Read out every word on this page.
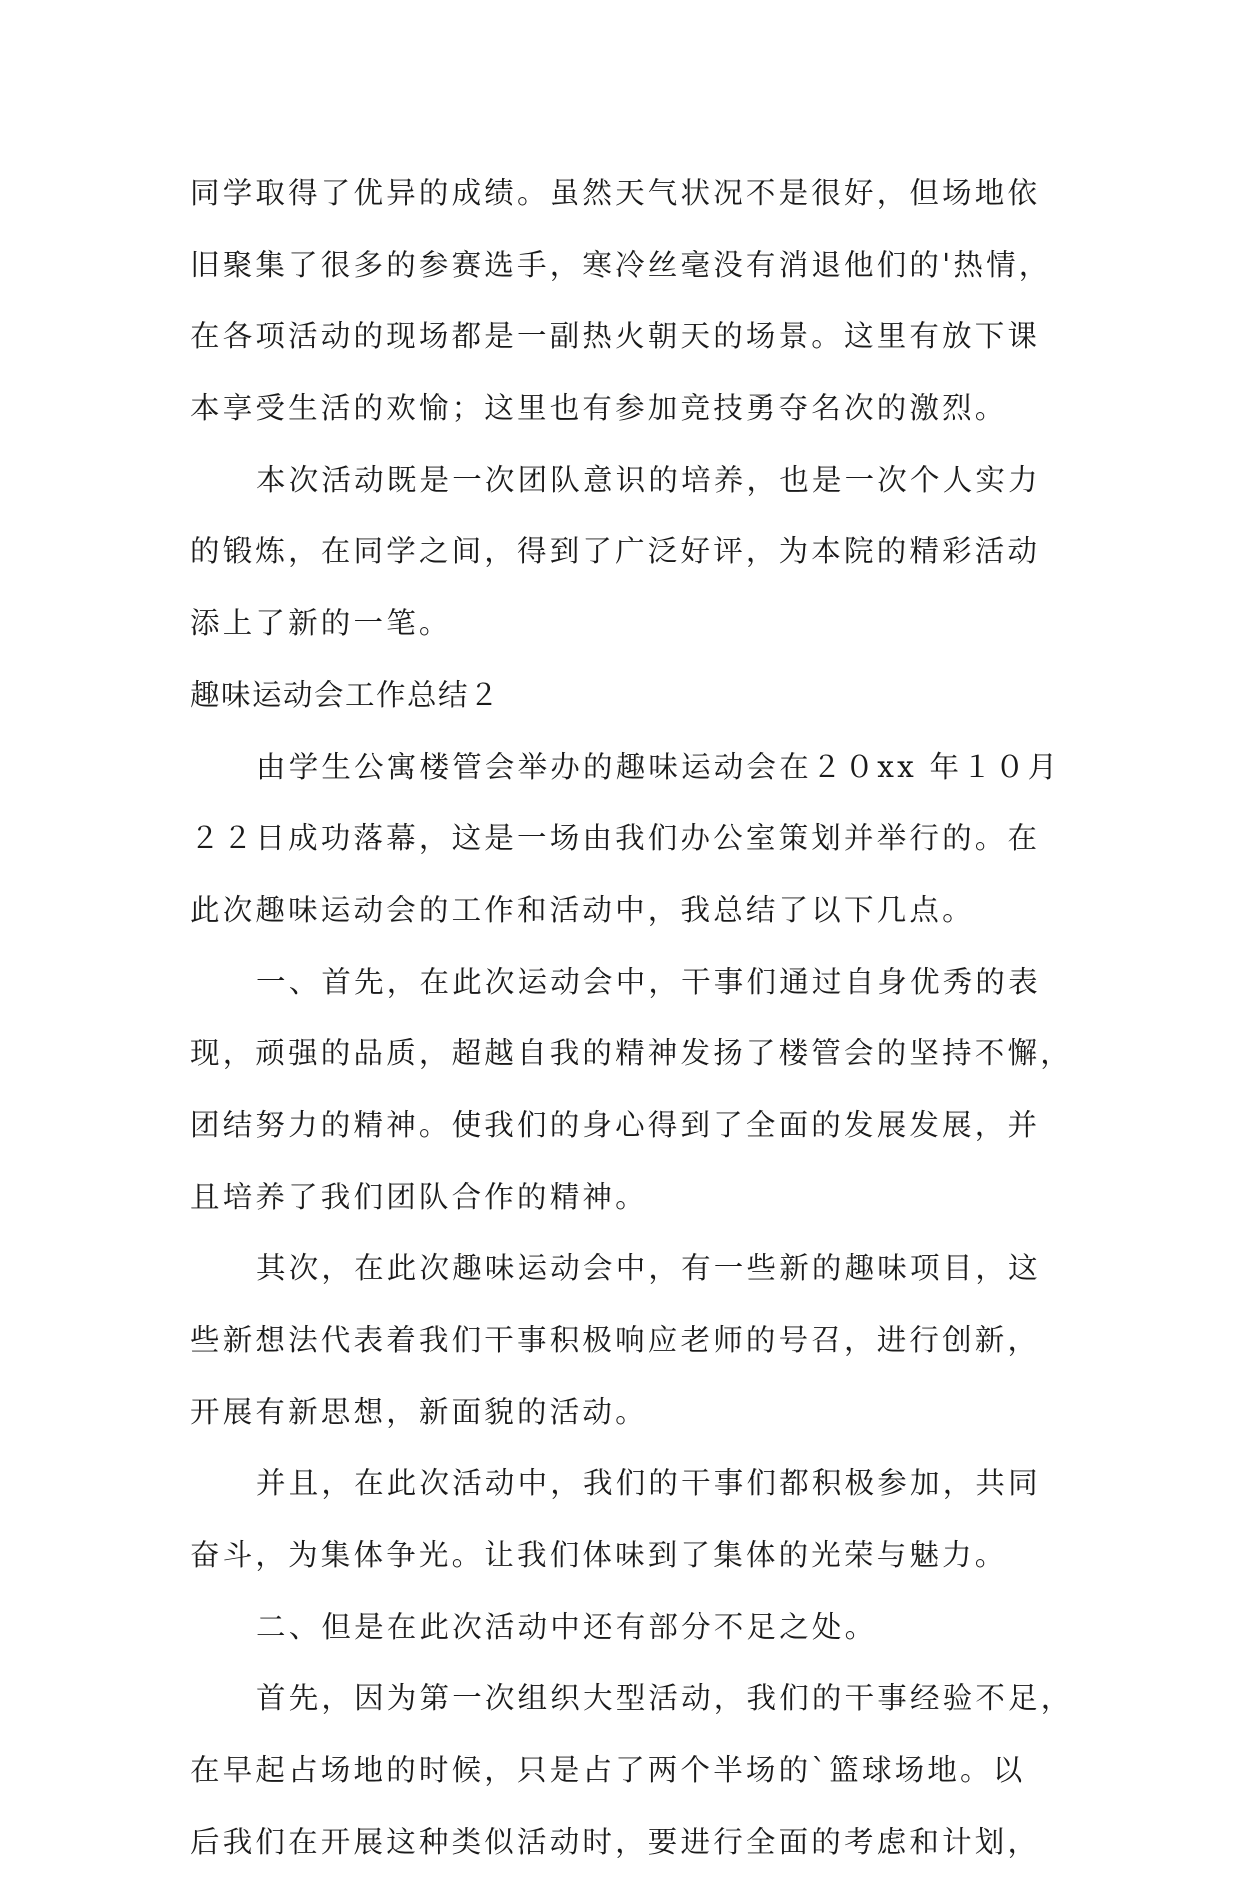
同学取得了优异的成绩。虽然天气状况不是很好，但场地依
旧聚集了很多的参赛选手，寒冷丝毫没有消退他们的'热情，
在各项活动的现场都是一副热火朝天的场景。这里有放下课
本享受生活的欢愉；这里也有参加竞技勇夺名次的激烈。
本次活动既是一次团队意识的培养，也是一次个人实力
的锻炼，在同学之间，得到了广泛好评，为本院的精彩活动
添上了新的一笔。
趣味运动会工作总结２
由学生公寓楼管会举办的趣味运动会在２０xx 年１０月
２２日成功落幕，这是一场由我们办公室策划并举行的。在
此次趣味运动会的工作和活动中，我总结了以下几点。
一、首先，在此次运动会中，干事们通过自身优秀的表
现，顽强的品质，超越自我的精神发扬了楼管会的坚持不懈，
团结努力的精神。使我们的身心得到了全面的发展发展，并
且培养了我们团队合作的精神。
其次，在此次趣味运动会中，有一些新的趣味项目，这
些新想法代表着我们干事积极响应老师的号召，进行创新，
开展有新思想，新面貌的活动。
并且，在此次活动中，我们的干事们都积极参加，共同
奋斗，为集体争光。让我们体味到了集体的光荣与魅力。
二、但是在此次活动中还有部分不足之处。
首先，因为第一次组织大型活动，我们的干事经验不足，
在早起占场地的时候，只是占了两个半场的`篮球场地。以
后我们在开展这种类似活动时，要进行全面的考虑和计划，
